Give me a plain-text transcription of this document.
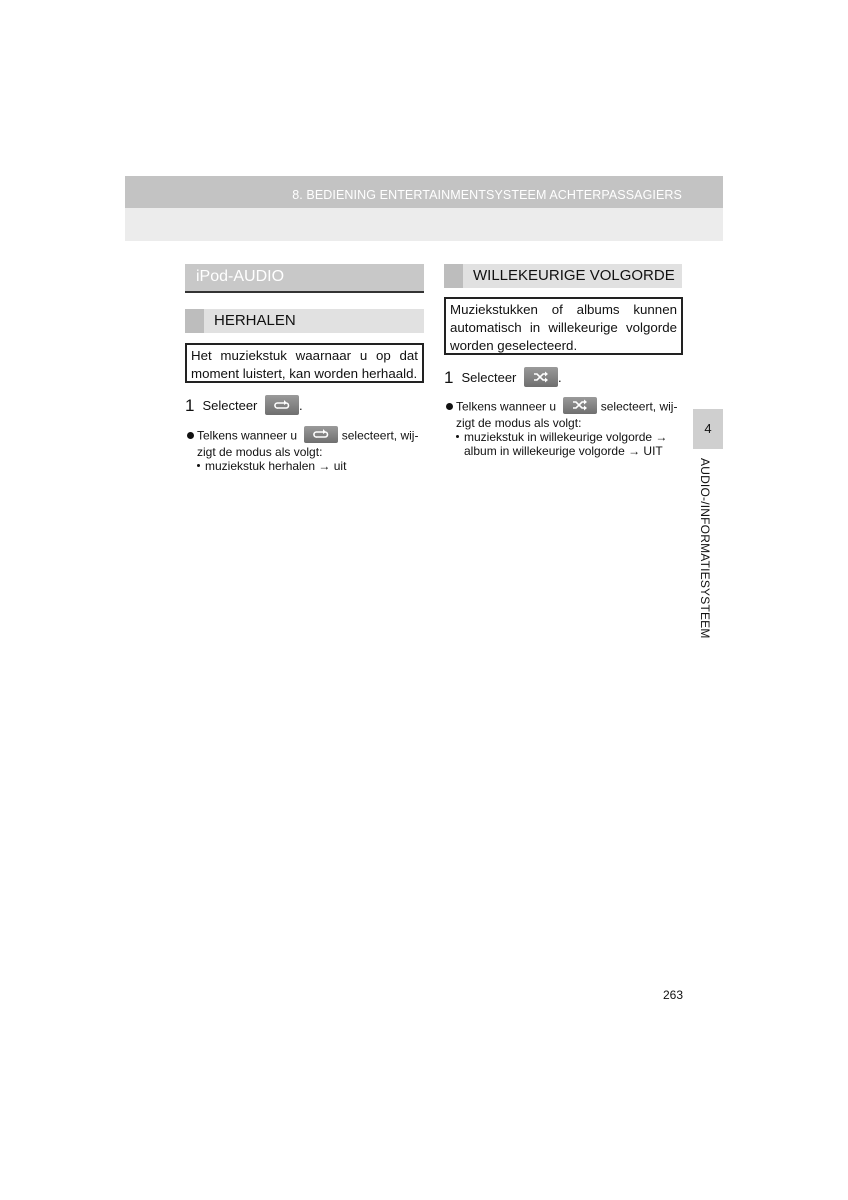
8. BEDIENING ENTERTAINMENTSYSTEEM ACHTERPASSAGIERS
iPod-AUDIO
HERHALEN
Het muziekstuk waarnaar u op dat moment luistert, kan worden herhaald.
1 Selecteer	.
Telkens wanneer u	selecteert, wij-
zigt de modus als volgt:
muziekstuk herhalen → uit
WILLEKEURIGE VOLGORDE
Muziekstukken of albums kunnen automatisch in willekeurige volgorde worden geselecteerd.
1 Selecteer	.
Telkens wanneer u	selecteert, wij-
zigt de modus als volgt:
muziekstuk in willekeurige volgorde →
album in willekeurige volgorde → UIT
4
AUDIO-/INFORMATIESYSTEEM
263
